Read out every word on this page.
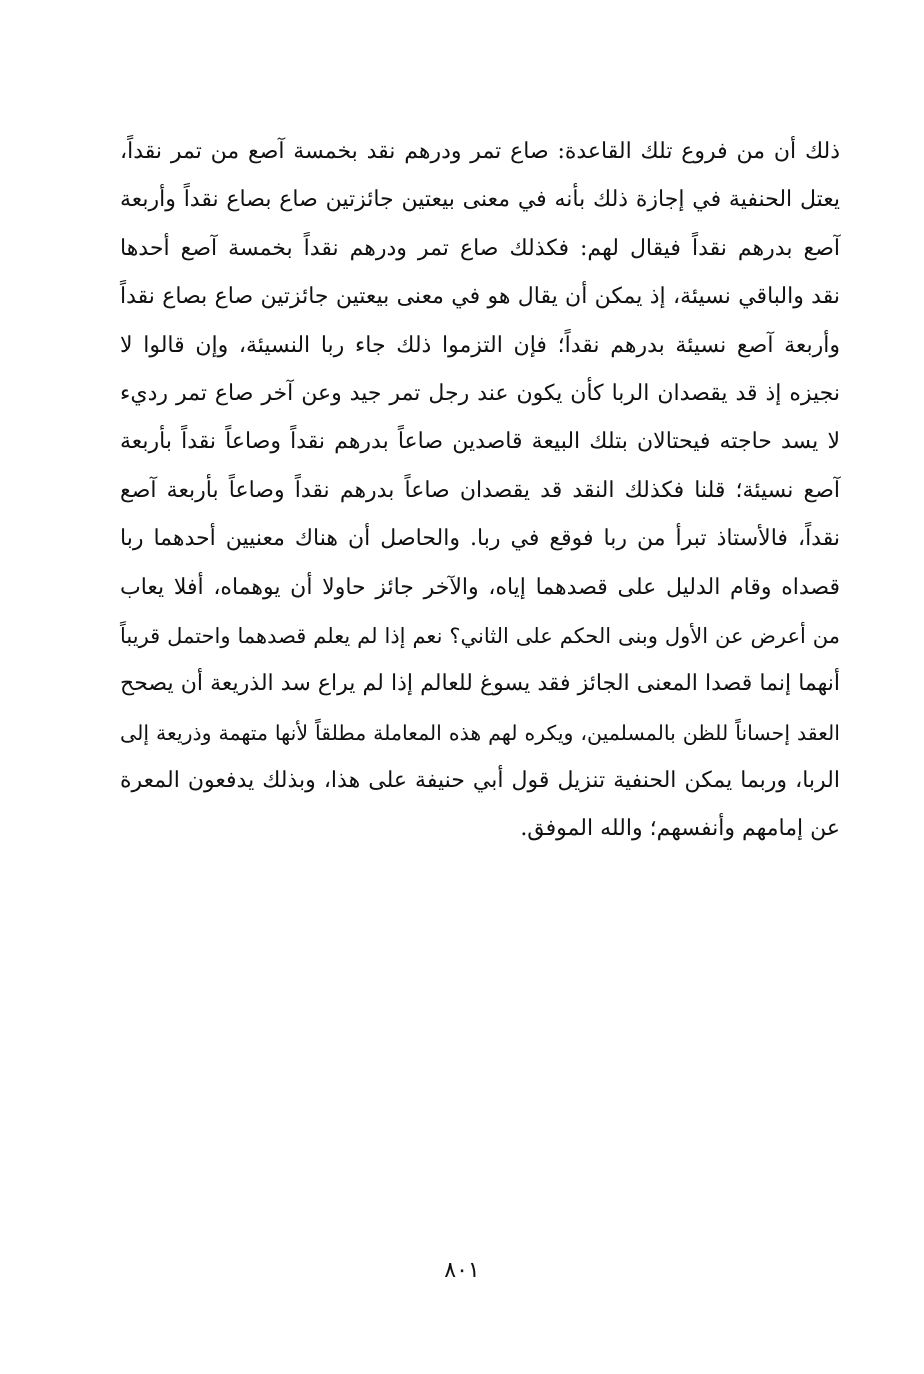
ذلك أن من فروع تلك القاعدة: صاع تمر ودرهم نقد بخمسة آصع من تمر نقداً،
يعتل الحنفية في إجازة ذلك بأنه في معنى بيعتين جائزتين صاع بصاع نقداً وأربعة
آصع بدرهم نقداً فيقال لهم: فكذلك صاع تمر ودرهم نقداً بخمسة آصع أحدها
نقد والباقي نسيئة، إذ يمكن أن يقال هو في معنى بيعتين جائزتين صاع بصاع نقداً
وأربعة آصع نسيئة بدرهم نقداً؛ فإن التزموا ذلك جاء ربا النسيئة، وإن قالوا لا
نجيزه إذ قد يقصدان الربا كأن يكون عند رجل تمر جيد وعن آخر صاع تمر رديء
لا يسد حاجته فيحتالان بتلك البيعة قاصدين صاعاً بدرهم نقداً وصاعاً نقداً بأربعة
آصع نسيئة؛ قلنا فكذلك النقد قد يقصدان صاعاً بدرهم نقداً وصاعاً بأربعة آصع
نقداً، فالأستاذ تبرأ من ربا فوقع في ربا. والحاصل أن هناك معنيين أحدهما ربا
قصداه وقام الدليل على قصدهما إياه، والآخر جائز حاولا أن يوهماه، أفلا يعاب
من أعرض عن الأول وبنى الحكم على الثاني؟ نعم إذا لم يعلم قصدهما واحتمل قريباً
أنهما إنما قصدا المعنى الجائز فقد يسوغ للعالم إذا لم يراع سد الذريعة أن يصحح
العقد إحساناً للظن بالمسلمين، ويكره لهم هذه المعاملة مطلقاً لأنها متهمة وذريعة إلى
الربا، وربما يمكن الحنفية تنزيل قول أبي حنيفة على هذا، وبذلك يدفعون المعرة
عن إمامهم وأنفسهم؛ والله الموفق.
٨٠١
